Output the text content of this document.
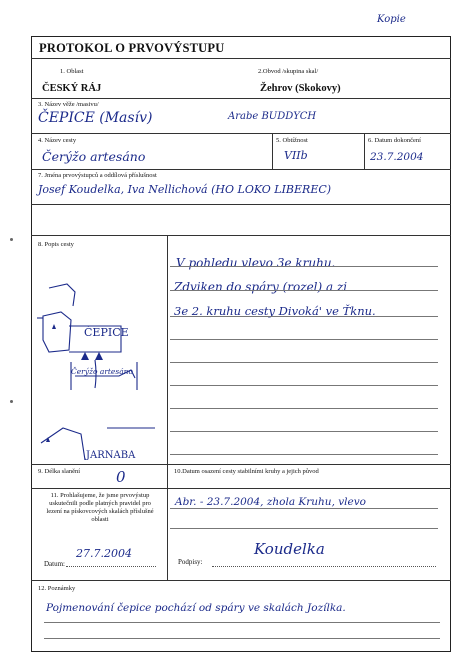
Kopie
PROTOKOL O PRVOVÝSTUPU
1. Oblast	2.Obvod /skupina skal/
ČESKÝ RÁJ	Žehrov (Skokovy)
3. Název věže /masivu/
ČEPICE (Masív)	Arabe BUDDYCH
4. Název cesty	5. Obtížnost	6. Datum dokončení
Čerýžo artesáno	VIIb	23.7.2004
7. Jména prvovýstupců a oddílová příslušnost
Josef Koudelka, Iva Nellichová (HO LOKO LIBEREC)
8. Popis cesty
ČEPICE
Čerýžo artesáno
JARNABA
V pohledu vlevo 3e kruhu.
Zdviken do spáry (rozel) a zi
3e 2. kruhu cesty Divoká' ve Ťknu.
9. Délka slanění 0	10.Datum osazení cesty stabilními kruhy a jejich původ
11. Prohlašujeme, že jsme prvovýstup uskutečnili podle platných pravidel pro lezení na pískovcových skalách příslušné oblasti
Abr. - 23.7.2004, zhola Kruhu, vlevo
27.7.2004
Datum:	Podpisy:
Koudelka
12. Poznámky
Pojmenování čepice pochází od spáry ve skalách Jozílka.
